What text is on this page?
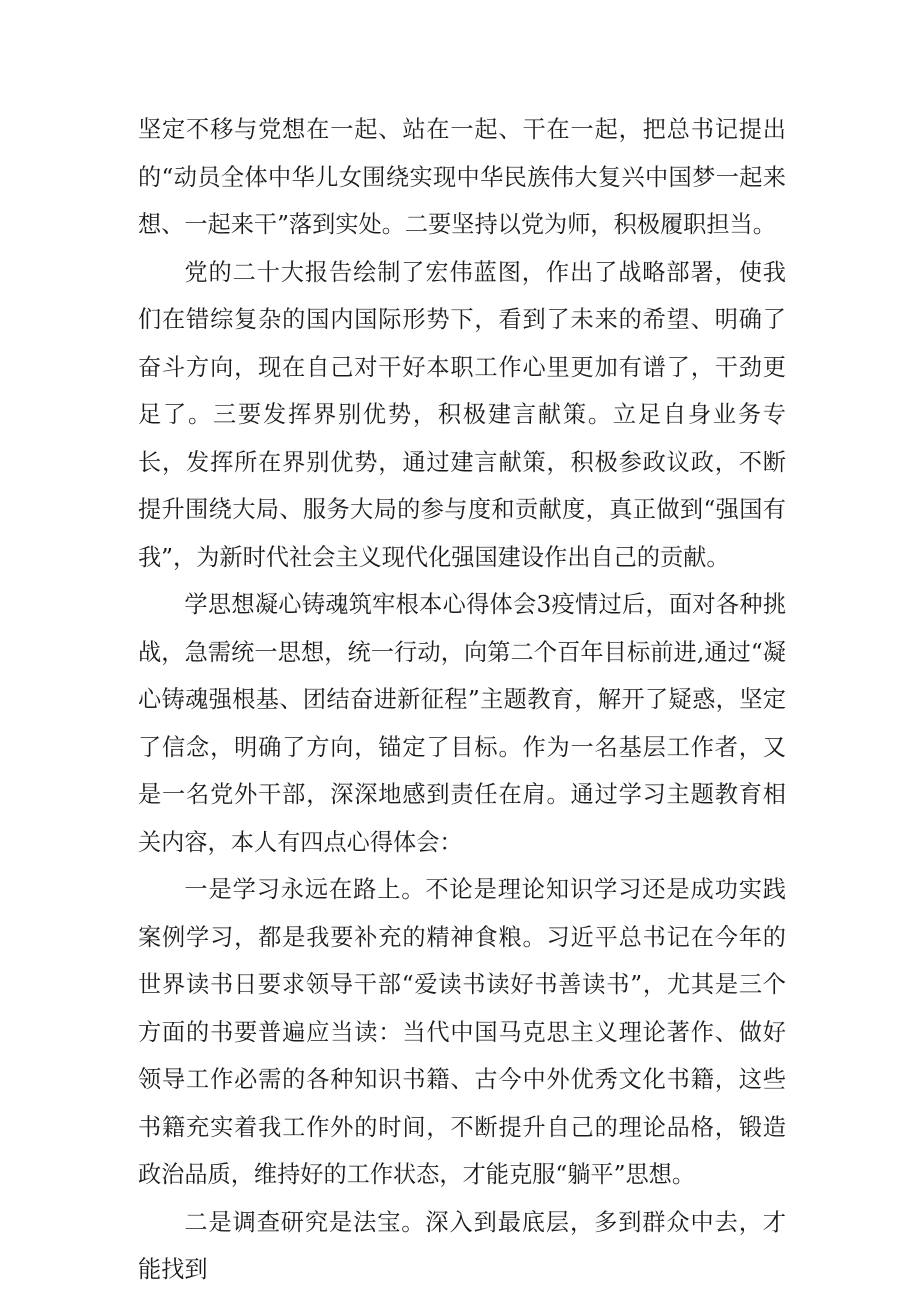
坚定不移与党想在一起、站在一起、干在一起，把总书记提出的“动员全体中华儿女围绕实现中华民族伟大复兴中国梦一起来想、一起来干”落到实处。二要坚持以党为师，积极履职担当。

党的二十大报告绘制了宏伟蓝图，作出了战略部署，使我们在错综复杂的国内国际形势下，看到了未来的希望、明确了奋斗方向，现在自己对干好本职工作心里更加有谱了，干劲更足了。三要发挥界别优势，积极建言献策。立足自身业务专长，发挥所在界别优势，通过建言献策，积极参政议政，不断提升围绕大局、服务大局的参与度和贡献度，真正做到“强国有我”，为新时代社会主义现代化强国建设作出自己的贡献。

学思想凝心铸魂筑牢根本心得体会3疫情过后，面对各种挑战，急需统一思想，统一行动，向第二个百年目标前进,通过“凝心铸魂强根基、团结奋进新征程”主题教育，解开了疑惑，坚定了信念，明确了方向，锚定了目标。作为一名基层工作者，又是一名党外干部，深深地感到责任在肩。通过学习主题教育相关内容，本人有四点心得体会：

一是学习永远在路上。不论是理论知识学习还是成功实践案例学习，都是我要补充的精神食粮。习近平总书记在今年的世界读书日要求领导干部“爱读书读好书善读书”，尤其是三个方面的书要普遍应当读：当代中国马克思主义理论著作、做好领导工作必需的各种知识书籍、古今中外优秀文化书籍，这些书籍充实着我工作外的时间，不断提升自己的理论品格，锻造政治品质，维持好的工作状态，才能克服“躺平”思想。

二是调查研究是法宝。深入到最底层，多到群众中去，才能找到
